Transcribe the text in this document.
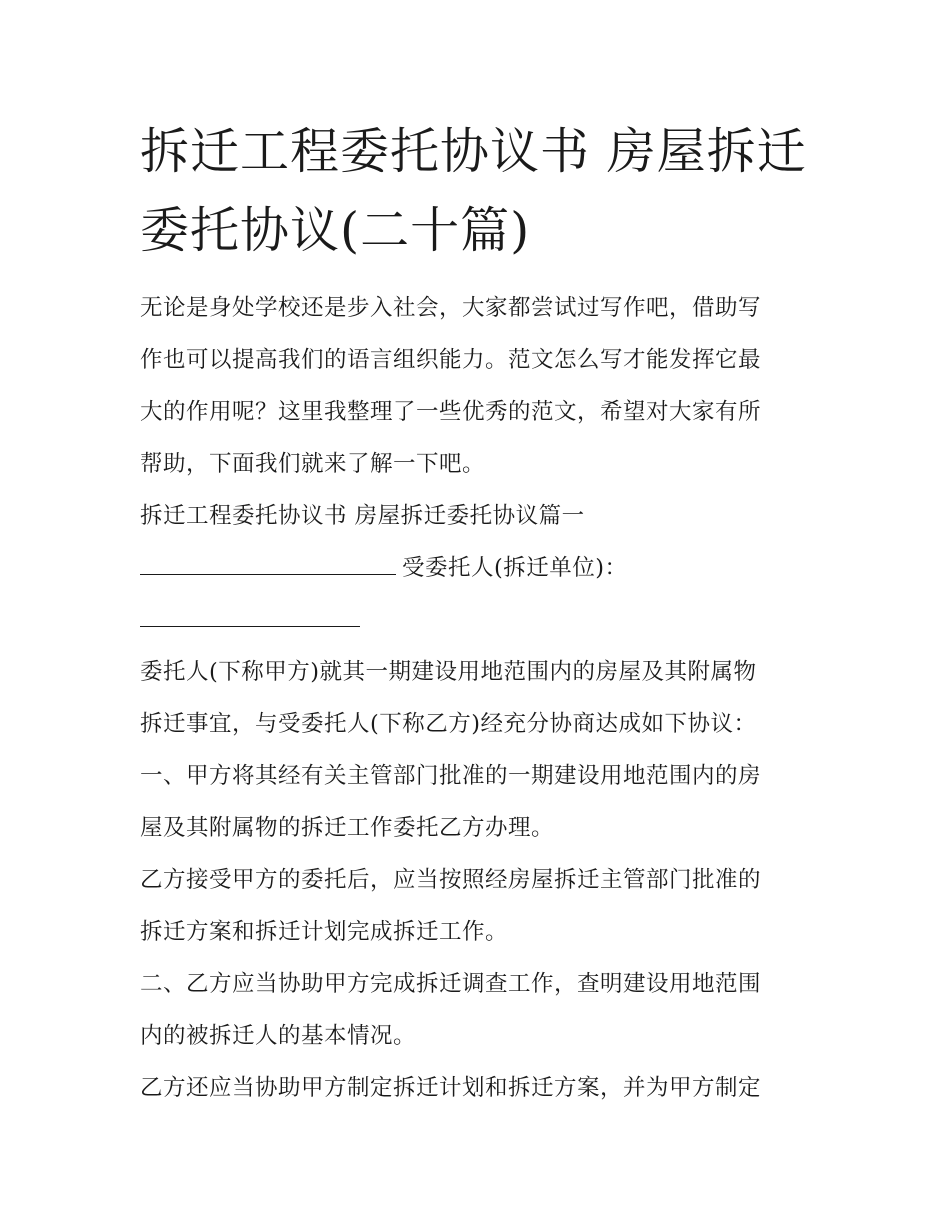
拆迁工程委托协议书 房屋拆迁
委托协议(二十篇)
无论是身处学校还是步入社会，大家都尝试过写作吧，借助写
作也可以提高我们的语言组织能力。范文怎么写才能发挥它最
大的作用呢？这里我整理了一些优秀的范文，希望对大家有所
帮助，下面我们就来了解一下吧。
拆迁工程委托协议书 房屋拆迁委托协议篇一
受委托人(拆迁单位)：
委托人(下称甲方)就其一期建设用地范围内的房屋及其附属物
拆迁事宜，与受委托人(下称乙方)经充分协商达成如下协议：
一、甲方将其经有关主管部门批准的一期建设用地范围内的房
屋及其附属物的拆迁工作委托乙方办理。
乙方接受甲方的委托后，应当按照经房屋拆迁主管部门批准的
拆迁方案和拆迁计划完成拆迁工作。
二、乙方应当协助甲方完成拆迁调查工作，查明建设用地范围
内的被拆迁人的基本情况。
乙方还应当协助甲方制定拆迁计划和拆迁方案，并为甲方制定
